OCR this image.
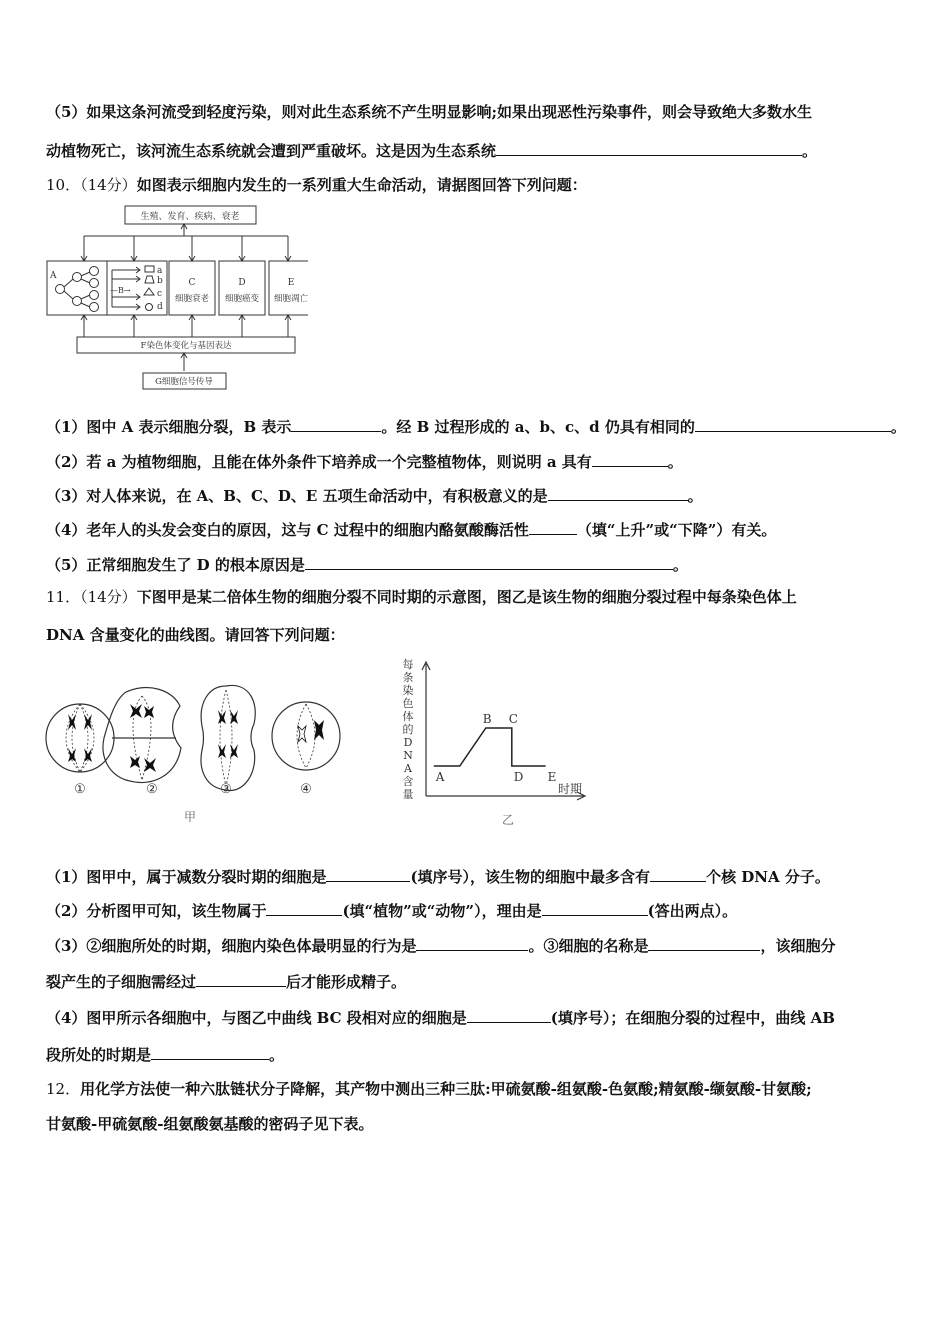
（5）如果这条河流受到轻度污染，则对此生态系统不产生明显影响;如果出现恶性污染事件，则会导致绝大多数水生
动植物死亡，该河流生态系统就会遭到严重破坏。这是因为生态系统	。
10．（14分）如图表示细胞内发生的一系列重大生命活动，请据图回答下列问题：
生殖、发育、疾病、衰老
A
—B→
a
b
c
d
C
细胞衰老
D
细胞癌变
E
细胞凋亡
F染色体变化与基因表达
G细胞信号传导
（1）图中 A 表示细胞分裂，B 表示	。经 B 过程形成的 a、b、c、d 仍具有相同的	。
（2）若 a 为植物细胞，且能在体外条件下培养成一个完整植物体，则说明 a 具有	。
（3）对人体来说，在 A、B、C、D、E 五项生命活动中，有积极意义的是	。
（4）老年人的头发会变白的原因，这与 C 过程中的细胞内酪氨酸酶活性	（填“上升”或“下降”）有关。
（5）正常细胞发生了 D 的根本原因是	。
11．（14分）下图甲是某二倍体生物的细胞分裂不同时期的示意图，图乙是该生物的细胞分裂过程中每条染色体上
DNA 含量变化的曲线图。请回答下列问题：
①	②	③	④
甲
每
条
染
色
体
的
D
N
A
含
量
A
B C
D E
时期
乙
（1）图甲中，属于减数分裂时期的细胞是	(填序号），该生物的细胞中最多含有	个核 DNA 分子。
（2）分析图甲可知，该生物属于	(填“植物”或“动物”），理由是	(答出两点）。
（3）②细胞所处的时期，细胞内染色体最明显的行为是	。③细胞的名称是	，该细胞分
裂产生的子细胞需经过	后才能形成精子。
（4）图甲所示各细胞中，与图乙中曲线 BC 段相对应的细胞是	(填序号）；在细胞分裂的过程中，曲线 AB
段所处的时期是	。
12．用化学方法使一种六肽链状分子降解，其产物中测出三种三肽:甲硫氨酸-组氨酸-色氨酸;精氨酸-缬氨酸-甘氨酸;
甘氨酸-甲硫氨酸-组氨酸氨基酸的密码子见下表。
